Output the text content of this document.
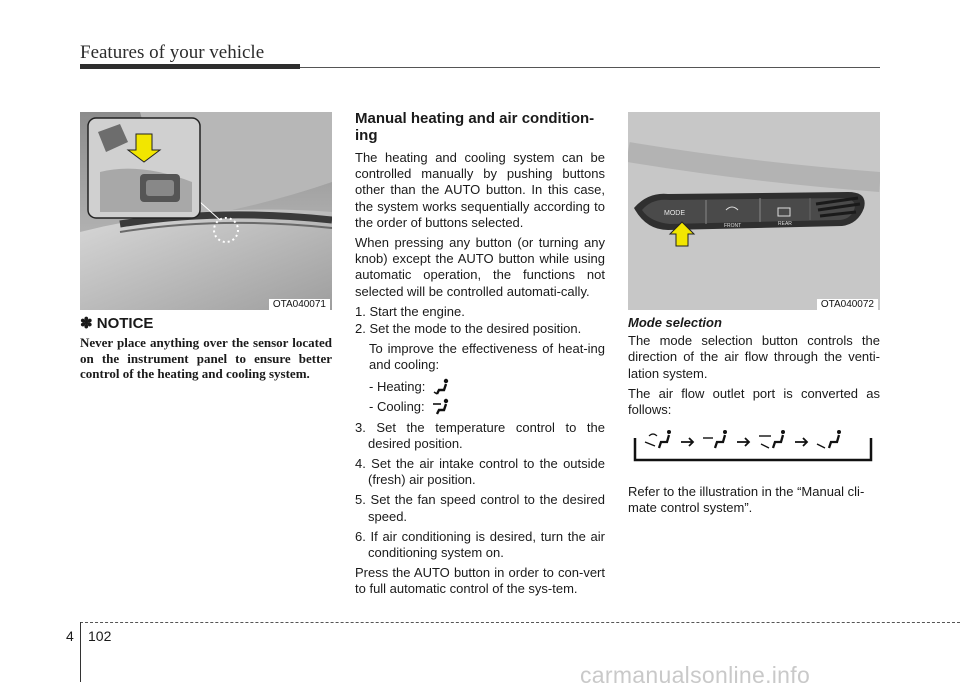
Features of your vehicle
OTA040071
✽ NOTICE

Never place anything over the sensor located on the instrument panel to ensure better control of the heating and cooling system.

Manual heating and air condition-ing

The heating and cooling system can be controlled manually by pushing buttons other than the AUTO button. In this case, the system works sequentially according to the order of buttons selected.

When pressing any button (or turning any knob) except the AUTO button while using automatic operation, the functions not selected will be controlled automati-cally.

1. Start the engine.

2. Set the mode to the desired position.

To improve the effectiveness of heat-ing and cooling:

- Heating:
- Cooling:

3. Set the temperature control to the desired position.

4. Set the air intake control to the outside (fresh) air position.

5. Set the fan speed control to the desired speed.

6. If air conditioning is desired, turn the air conditioning system on.

Press the AUTO button in order to con-vert to full automatic control of the sys-tem.

MODE
FRONT	REAR
OTA040072
Mode selection

The mode selection button controls the direction of the air flow through the venti-lation system.

The air flow outlet port is converted as follows:

Refer to the illustration in the “Manual cli-mate control system”.

4 102
carmanualsonline.info
